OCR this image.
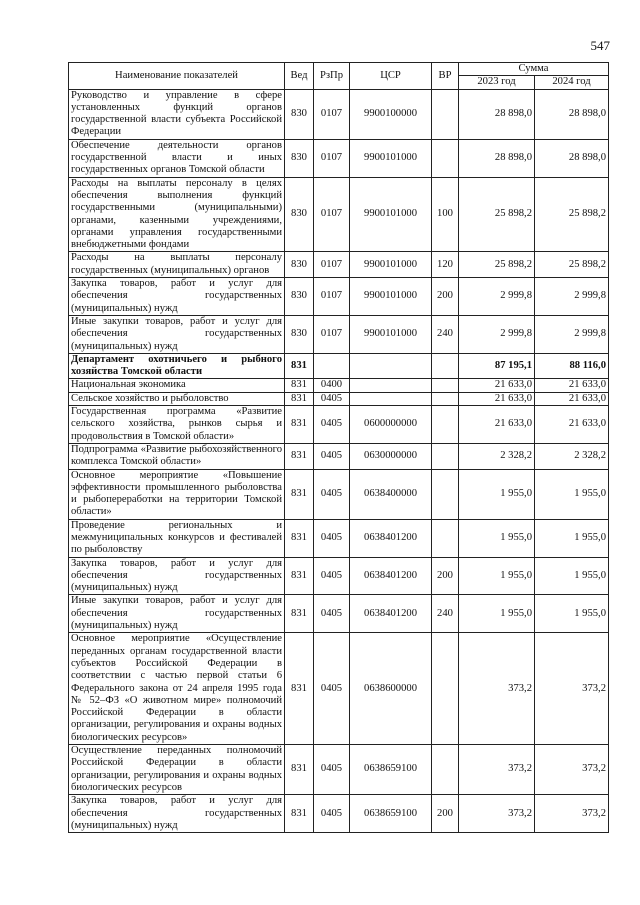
547
Наименование показателей	Вед	РзПр	ЦСР	ВР	Сумма	
					2023 год	2024 год
Руководство и управление в сфере установленных функций органов государственной власти субъекта Российской Федерации	830	0107	9900100000		28 898,0	28 898,0
Обеспечение деятельности органов государственной власти и иных государственных органов Томской области	830	0107	9900101000		28 898,0	28 898,0
Расходы на выплаты персоналу в целях обеспечения выполнения функций государственными (муниципальными) органами, казенными учреждениями, органами управления государственными внебюджетными фондами	830	0107	9900101000	100	25 898,2	25 898,2
Расходы на выплаты персоналу государственных (муниципальных) органов	830	0107	9900101000	120	25 898,2	25 898,2
Закупка товаров, работ и услуг для обеспечения государственных (муниципальных) нужд	830	0107	9900101000	200	2 999,8	2 999,8
Иные закупки товаров, работ и услуг для обеспечения государственных (муниципальных) нужд	830	0107	9900101000	240	2 999,8	2 999,8
Департамент охотничьего и рыбного хозяйства Томской области	831				87 195,1	88 116,0
Национальная экономика	831	0400			21 633,0	21 633,0
Сельское хозяйство и рыболовство	831	0405			21 633,0	21 633,0
Государственная программа «Развитие сельского хозяйства, рынков сырья и продовольствия в Томской области»	831	0405	0600000000		21 633,0	21 633,0
Подпрограмма «Развитие рыбохозяйственного комплекса Томской области»	831	0405	0630000000		2 328,2	2 328,2
Основное мероприятие «Повышение эффективности промышленного рыболовства и рыбопереработки на территории Томской области»	831	0405	0638400000		1 955,0	1 955,0
Проведение региональных и межмуниципальных конкурсов и фестивалей по рыболовству	831	0405	0638401200		1 955,0	1 955,0
Закупка товаров, работ и услуг для обеспечения государственных (муниципальных) нужд	831	0405	0638401200	200	1 955,0	1 955,0
Иные закупки товаров, работ и услуг для обеспечения государственных (муниципальных) нужд	831	0405	0638401200	240	1 955,0	1 955,0
Основное мероприятие «Осуществление переданных органам государственной власти субъектов Российской Федерации в соответствии с частью первой статьи 6 Федерального закона от 24 апреля 1995 года № 52–ФЗ «О животном мире» полномочий Российской Федерации в области организации, регулирования и охраны водных биологических ресурсов»	831	0405	0638600000		373,2	373,2
Осуществление переданных полномочий Российской Федерации в области организации, регулирования и охраны водных биологических ресурсов	831	0405	0638659100		373,2	373,2
Закупка товаров, работ и услуг для обеспечения государственных (муниципальных) нужд	831	0405	0638659100	200	373,2	373,2
